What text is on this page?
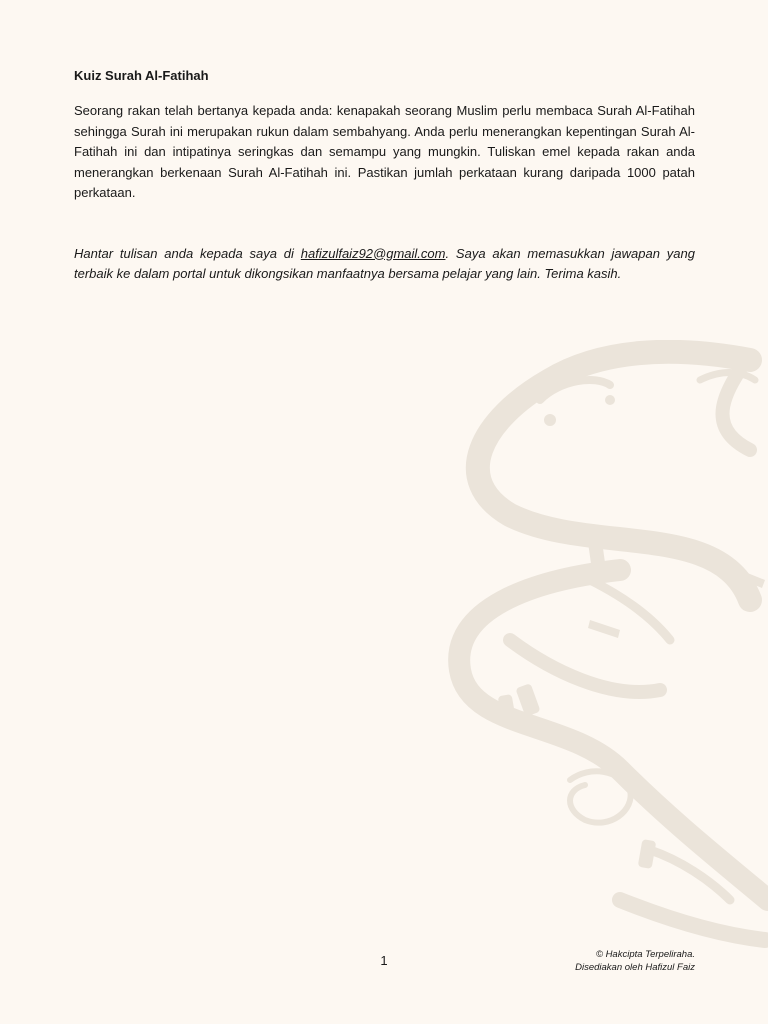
Kuiz Surah Al-Fatihah

Seorang rakan telah bertanya kepada anda: kenapakah seorang Muslim perlu membaca Surah Al-Fatihah sehingga Surah ini merupakan rukun dalam sembahyang. Anda perlu menerangkan kepentingan Surah Al-Fatihah ini dan intipatinya seringkas dan semampu yang mungkin. Tuliskan emel kepada rakan anda menerangkan berkenaan Surah Al-Fatihah ini. Pastikan jumlah perkataan kurang daripada 1000 patah perkataan.

Hantar tulisan anda kepada saya di hafizulfaiz92@gmail.com. Saya akan memasukkan jawapan yang terbaik ke dalam portal untuk dikongsikan manfaatnya bersama pelajar yang lain. Terima kasih.

1	© Hakcipta Terpeliraha.
Disediakan oleh Hafizul Faiz
